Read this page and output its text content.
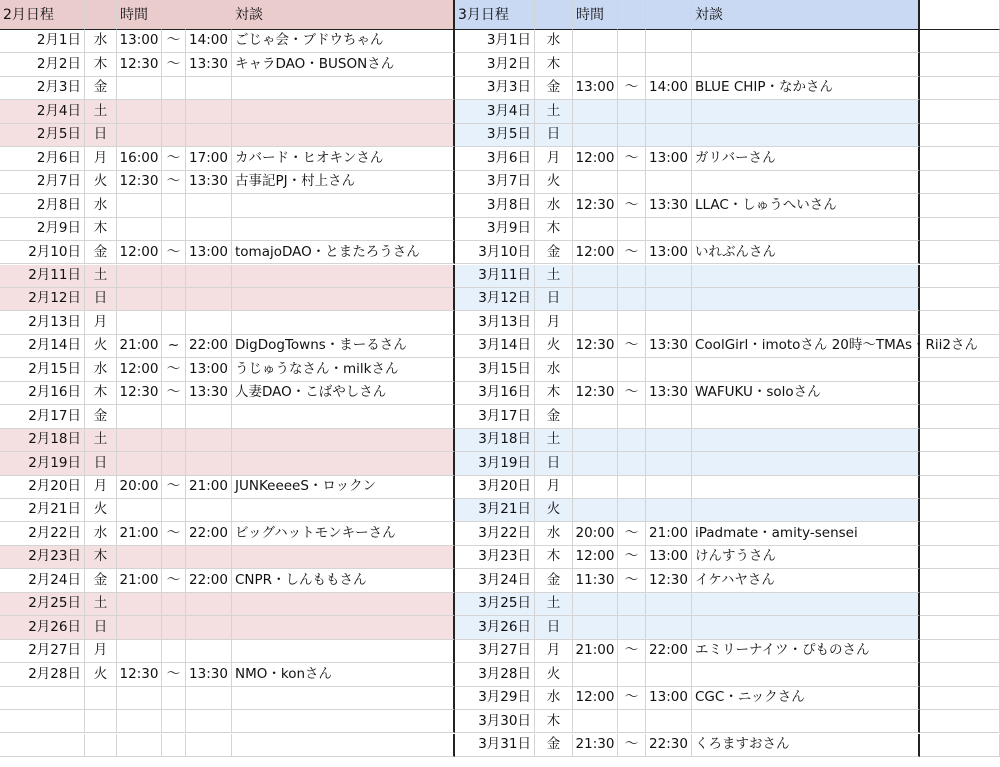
2月日程	時間	対談	3月日程	時間	対談
2月1日 水 13:00 〜 14:00 ごじゃ会・ブドウちゃん	3月1日	水
2月2日 木 12:30 〜 13:30 キャラDAO・BUSONさん	3月2日	木
2月3日 金	3月3日	金	13:00 〜 14:00 BLUE CHIP・なかさん
2月4日 土	3月4日	土
2月5日 日	3月5日	日
2月6日 月 16:00 〜 17:00 カバード・ヒオキンさん	3月6日	月	12:00 〜 13:00 ガリバーさん
2月7日 火 12:30 〜 13:30 古事記PJ・村上さん	3月7日	火
2月8日 水	3月8日	水	12:30 〜 13:30 LLAC・しゅうへいさん
2月9日 木	3月9日	木
2月10日 金 12:00 〜 13:00 tomajoDAO・とまたろうさん	3月10日	金	12:00 〜 13:00 いれぶんさん
2月11日 土	3月11日	土
2月12日 日	3月12日	日
2月13日 月	3月13日	月
2月14日 火 21:00 ~ 22:00 DigDogTowns・まーるさん	3月14日	火	12:30 〜 13:30 CoolGirl・imotoさん 20時〜TMAs・Rii2さん
2月15日 水 12:00 〜 13:00 うじゅうなさん・milkさん	3月15日	水
2月16日 木 12:30 〜 13:30 人妻DAO・こばやしさん	3月16日	木	12:30 〜 13:30 WAFUKU・soloさん
2月17日 金	3月17日	金
2月18日 土	3月18日	土
2月19日 日	3月19日	日
2月20日 月 20:00 〜 21:00 JUNKeeeeS・ロックン	3月20日	月
2月21日 火	3月21日	火
2月22日 水 21:00 〜 22:00 ビッグハットモンキーさん	3月22日	水	20:00 〜 21:00 iPadmate・amity-sensei
2月23日 木	3月23日	木	12:00 〜 13:00 けんすうさん
2月24日 金 21:00 〜 22:00 CNPR・しんももさん	3月24日	金	11:30 〜 12:30 イケハヤさん
2月25日 土	3月25日	土
2月26日 日	3月26日	日
2月27日 月	3月27日	月	21:00 〜 22:00 エミリーナイツ・ぴものさん
2月28日 火 12:30 〜 13:30 NMO・konさん	3月28日	火
3月29日	水	12:00 〜 13:00 CGC・ニックさん
3月30日	木
3月31日	金	21:30 〜 22:30 くろますおさん
